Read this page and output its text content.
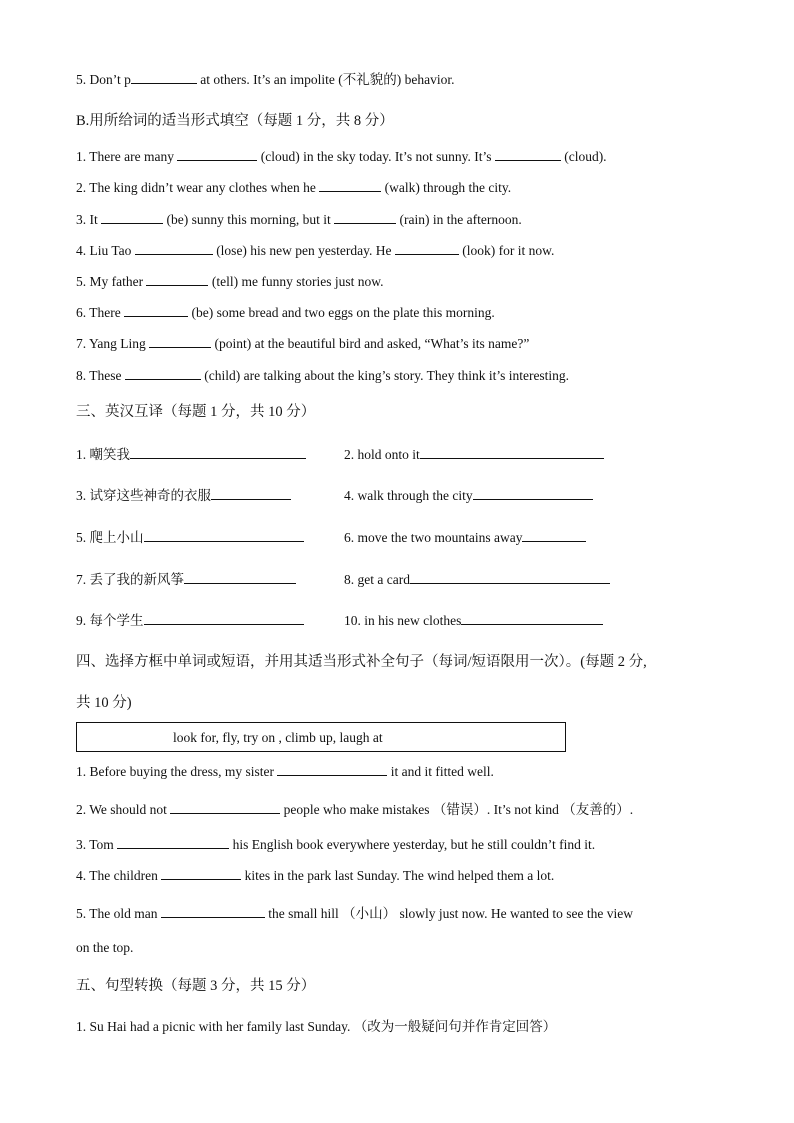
5. Don’t p	at others. It’s an impolite (不礼貌的) behavior.
B.用所给词的适当形式填空（每题 1 分，共 8 分）
1. There are many	(cloud) in the sky today. It’s not sunny. It’s	(cloud).
2. The king didn’t wear any clothes when he	(walk) through the city.
3. It	(be) sunny this morning, but it	(rain) in the afternoon.
4. Liu Tao	(lose) his new pen yesterday. He	(look) for it now.
5. My father	(tell) me funny stories just now.
6. There	(be) some bread and two eggs on the plate this morning.
7. Yang Ling	(point) at the beautiful bird and asked, “What’s its name?”
8. These	(child) are talking about the king’s story. They think it’s interesting.
三、英汉互译（每题 1 分，共 10 分）
1. 嘲笑我	2. hold onto it
3. 试穿这些神奇的衣服	4. walk through the city
5. 爬上小山	6. move the two mountains away
7. 丢了我的新风筝	8. get a card
9. 每个学生	10. in his new clothes
四、选择方框中单词或短语，并用其适当形式补全句子（每词/短语限用一次）。(每题 2 分,
共 10 分)
look for, fly, try on , climb up, laugh at
1. Before buying the dress, my sister	it and it fitted well.
2. We should not	people who make mistakes （错误）. It’s not kind （友善的）.
3. Tom	his English book everywhere yesterday, but he still couldn’t find it.
4. The children	kites in the park last Sunday. The wind helped them a lot.
5. The old man	the small hill （小山） slowly just now. He wanted to see the view
on the top.
五、句型转换（每题 3 分，共 15 分）
1. Su Hai had a picnic with her family last Sunday. （改为一般疑问句并作肯定回答）
